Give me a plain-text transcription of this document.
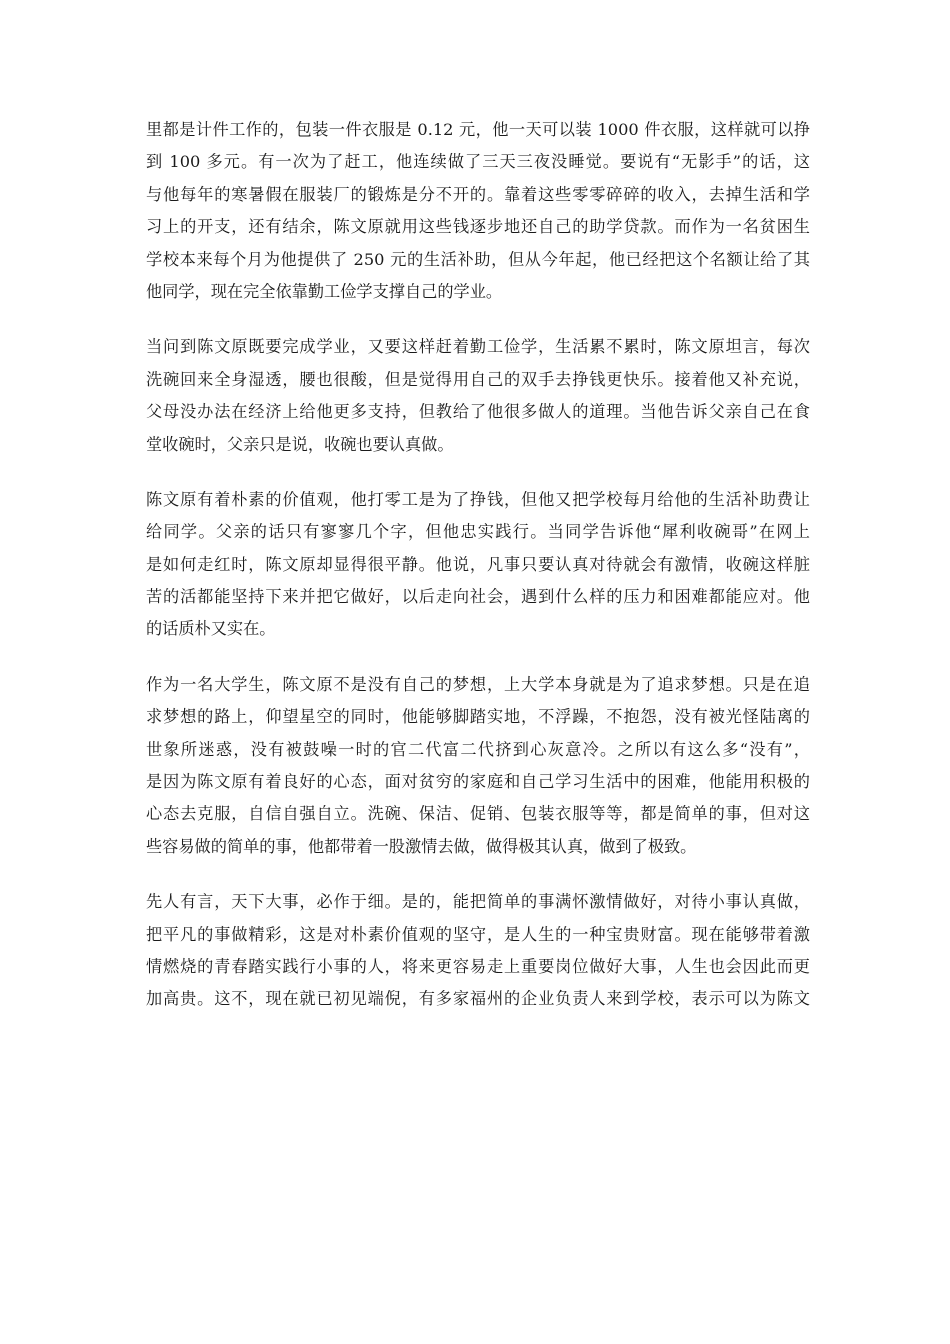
里都是计件工作的，包装一件衣服是 0.12 元，他一天可以装 1000 件衣服，这样就可以挣
到 100 多元。有一次为了赶工，他连续做了三天三夜没睡觉。要说有“无影手”的话，这
与他每年的寒暑假在服装厂的锻炼是分不开的。靠着这些零零碎碎的收入，去掉生活和学
习上的开支，还有结余，陈文原就用这些钱逐步地还自己的助学贷款。而作为一名贫困生
学校本来每个月为他提供了 250 元的生活补助，但从今年起，他已经把这个名额让给了其
他同学，现在完全依靠勤工俭学支撑自己的学业。
当问到陈文原既要完成学业，又要这样赶着勤工俭学，生活累不累时，陈文原坦言，每次
洗碗回来全身湿透，腰也很酸，但是觉得用自己的双手去挣钱更快乐。接着他又补充说，
父母没办法在经济上给他更多支持，但教给了他很多做人的道理。当他告诉父亲自己在食
堂收碗时，父亲只是说，收碗也要认真做。
陈文原有着朴素的价值观，他打零工是为了挣钱，但他又把学校每月给他的生活补助费让
给同学。父亲的话只有寥寥几个字，但他忠实践行。当同学告诉他“犀利收碗哥”在网上
是如何走红时，陈文原却显得很平静。他说，凡事只要认真对待就会有激情，收碗这样脏
苦的活都能坚持下来并把它做好，以后走向社会，遇到什么样的压力和困难都能应对。他
的话质朴又实在。
作为一名大学生，陈文原不是没有自己的梦想，上大学本身就是为了追求梦想。只是在追
求梦想的路上，仰望星空的同时，他能够脚踏实地，不浮躁，不抱怨，没有被光怪陆离的
世象所迷惑，没有被鼓噪一时的官二代富二代挤到心灰意冷。之所以有这么多“没有”，
是因为陈文原有着良好的心态，面对贫穷的家庭和自己学习生活中的困难，他能用积极的
心态去克服，自信自强自立。洗碗、保洁、促销、包装衣服等等，都是简单的事，但对这
些容易做的简单的事，他都带着一股激情去做，做得极其认真，做到了极致。
先人有言，天下大事，必作于细。是的，能把简单的事满怀激情做好，对待小事认真做，
把平凡的事做精彩，这是对朴素价值观的坚守，是人生的一种宝贵财富。现在能够带着激
情燃烧的青春踏实践行小事的人，将来更容易走上重要岗位做好大事，人生也会因此而更
加高贵。这不，现在就已初见端倪，有多家福州的企业负责人来到学校，表示可以为陈文
